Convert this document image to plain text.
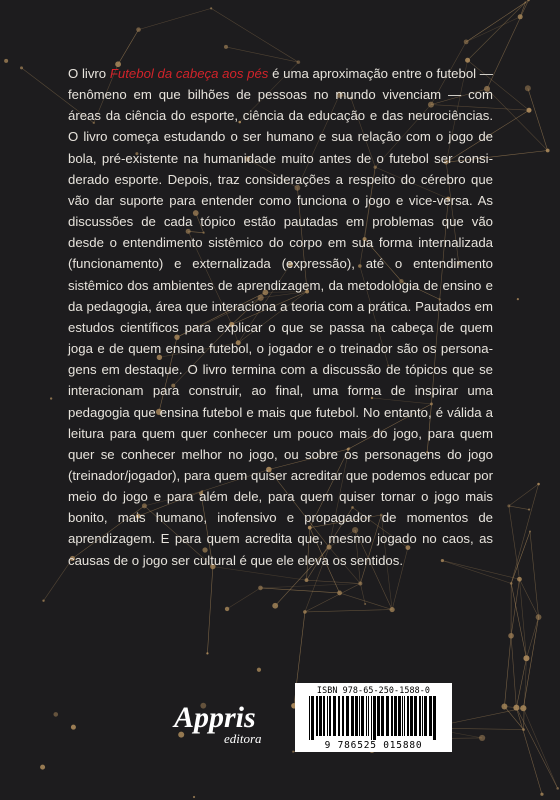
O livro Futebol da cabeça aos pés é uma aproximação entre o futebol — fenômeno em que bilhões de pessoas no mundo vivenciam — com áreas da ciência do esporte, ciência da educação e das neurociências. O livro começa estudando o ser humano e sua relação com o jogo de bola, pré-existente na humanidade muito antes de o futebol ser considerado esporte. Depois, traz considerações a respeito do cérebro que vão dar suporte para entender como funciona o jogo e vice-versa. As discussões de cada tópico estão pautadas em problemas que vão desde o entendimento sistêmico do corpo em sua forma internalizada (funcionamento) e externalizada (expressão), até o entendimento sistêmico dos ambientes de aprendizagem, da metodologia de ensino e da pedagogia, área que interaciona a teoria com a prática. Pautados em estudos científicos para explicar o que se passa na cabeça de quem joga e de quem ensina futebol, o jogador e o treinador são os personagens em destaque. O livro termina com a discussão de tópicos que se interacionam para construir, ao final, uma forma de inspirar uma pedagogia que ensina futebol e mais que futebol. No entanto, é válida a leitura para quem quer conhecer um pouco mais do jogo, para quem quer se conhecer melhor no jogo, ou sobre os personagens do jogo (treinador/jogador), para quem quiser acreditar que podemos educar por meio do jogo e para além dele, para quem quiser tornar o jogo mais bonito, mais humano, inofensivo e propagador de momentos de aprendizagem. E para quem acredita que, mesmo jogado no caos, as causas de o jogo ser cultural é que ele eleva os sentidos.
Appris
editora
ISBN 978-65-250-1588-0
9 786525 015880
